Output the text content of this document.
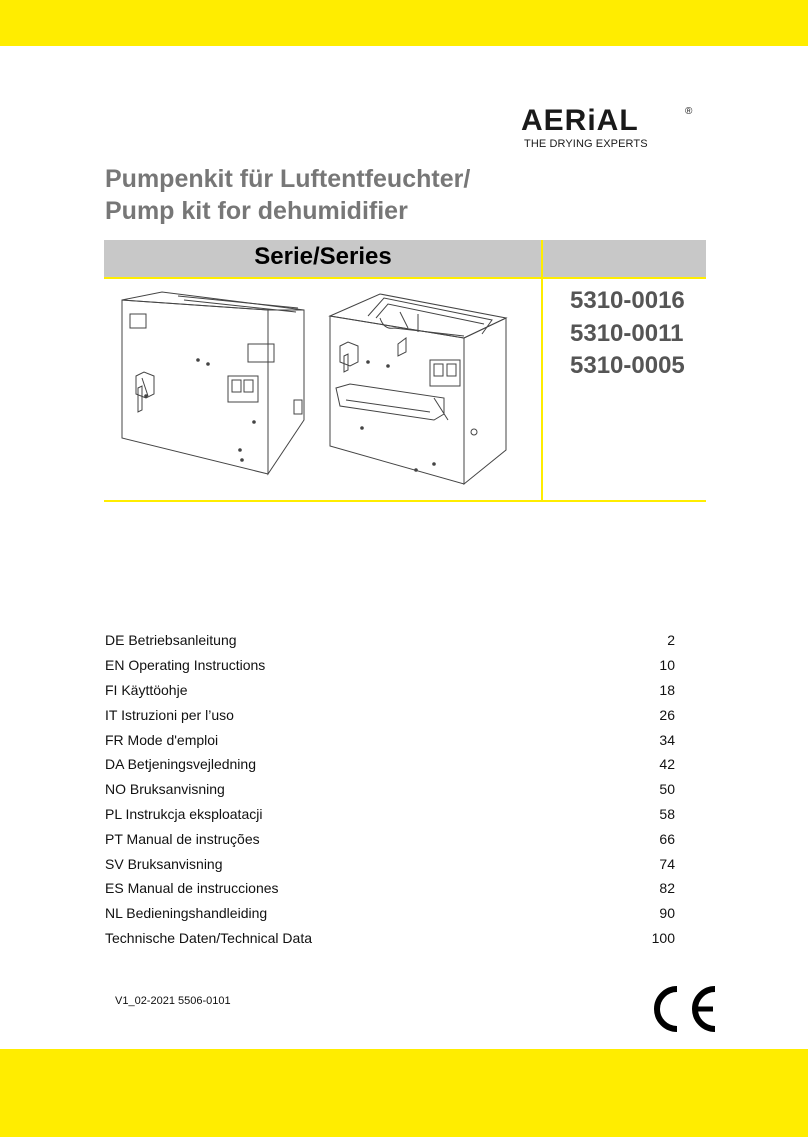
AERiAL	®
THE DRYING EXPERTS
Pumpenkit für Luftentfeuchter/
Pump kit for dehumidifier
Serie/Series
5310-0016
5310-0011
5310-0005
DE Betriebsanleitung	2
EN Operating Instructions	10
FI Käyttöohje	18
IT Istruzioni per l’uso	26
FR Mode d'emploi	34
DA Betjeningsvejledning	42
NO Bruksanvisning	50
PL Instrukcja eksploatacji	58
PT Manual de instruções	66
SV Bruksanvisning	74
ES Manual de instrucciones	82
NL Bedieningshandleiding	90
Technische Daten/Technical Data	100
V1_02-2021 5506-0101
